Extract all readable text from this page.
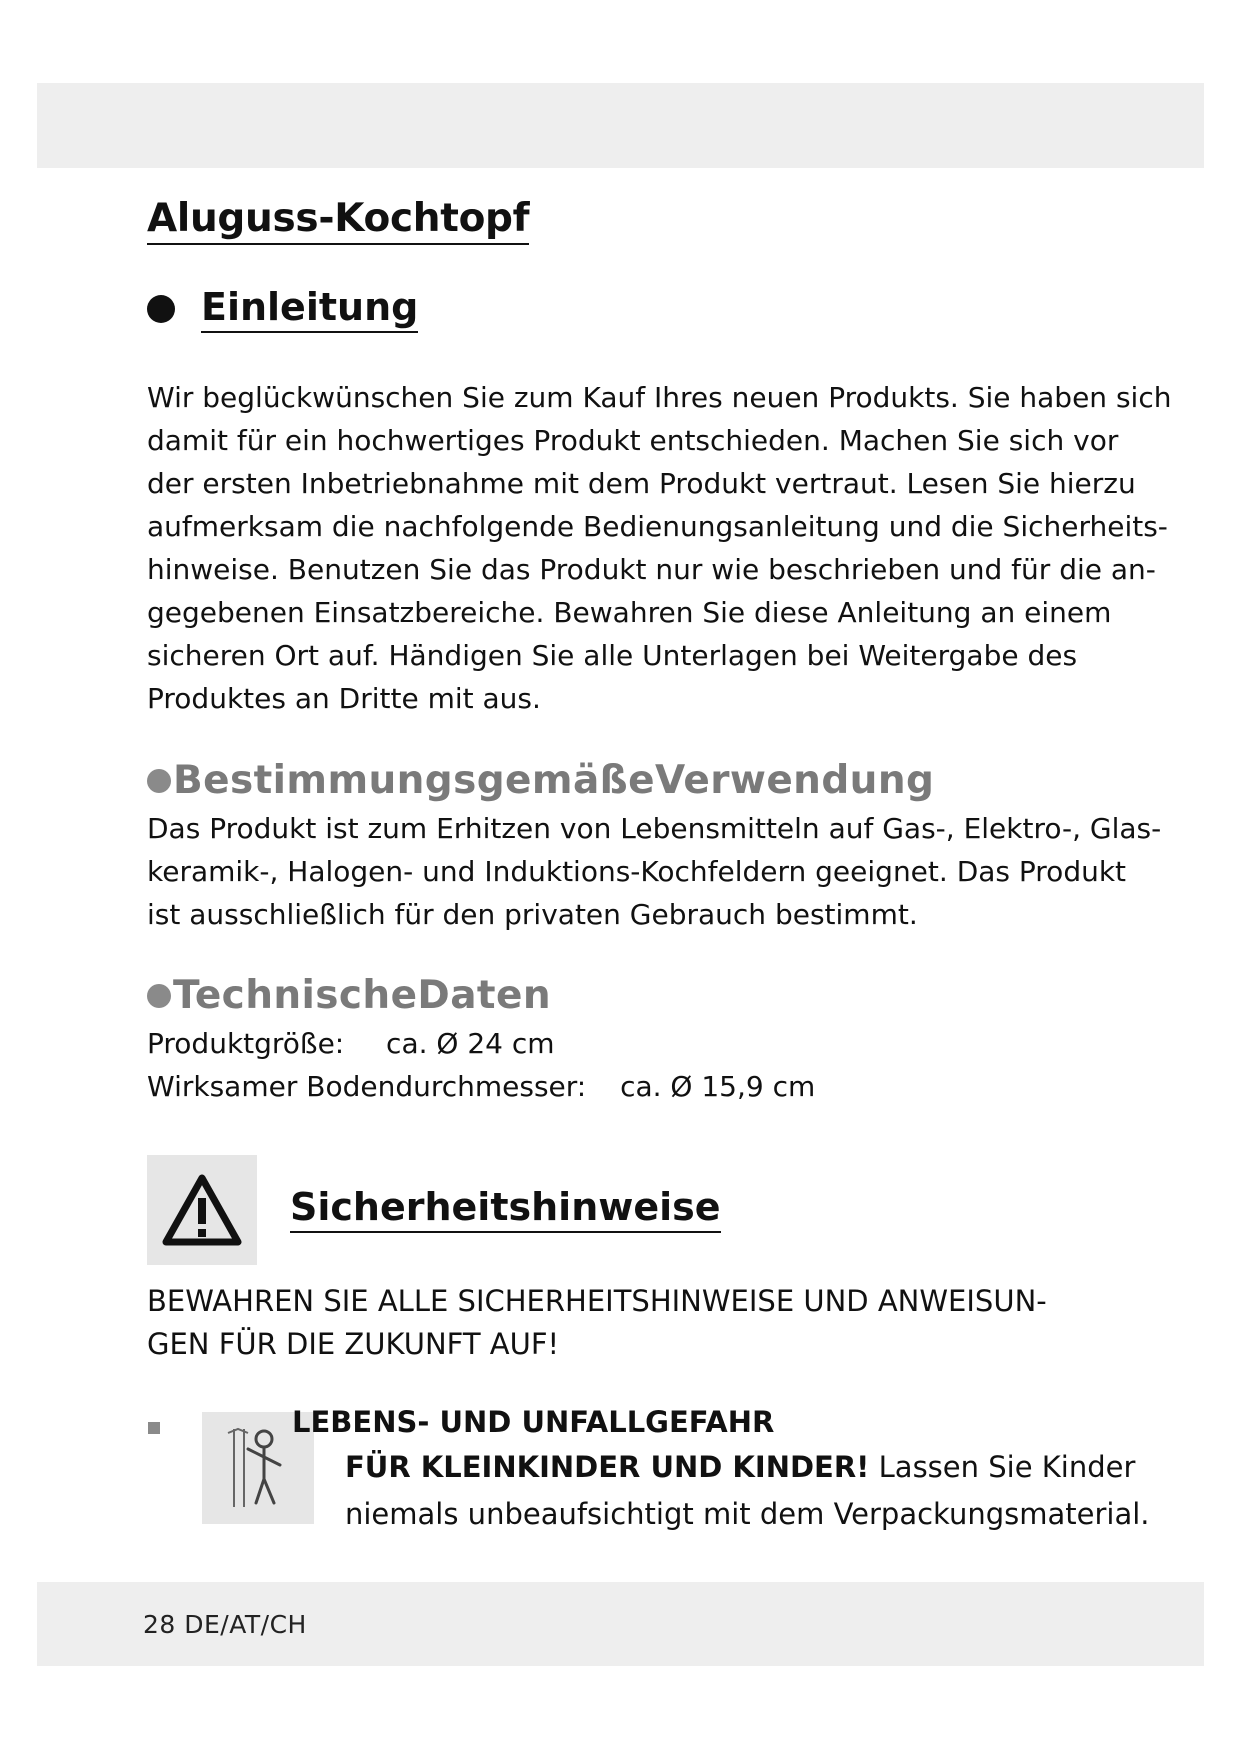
Aluguss-Kochtopf
Einleitung
Wir beglückwünschen Sie zum Kauf Ihres neuen Produkts. Sie haben sich
damit für ein hochwertiges Produkt entschieden. Machen Sie sich vor
der ersten Inbetriebnahme mit dem Produkt vertraut. Lesen Sie hierzu
aufmerksam die nachfolgende Bedienungsanleitung und die Sicherheits-
hinweise. Benutzen Sie das Produkt nur wie beschrieben und für die an-
gegebenen Einsatzbereiche. Bewahren Sie diese Anleitung an einem
sicheren Ort auf. Händigen Sie alle Unterlagen bei Weitergabe des
Produktes an Dritte mit aus.
BestimmungsgemäßeVerwendung
Das Produkt ist zum Erhitzen von Lebensmitteln auf Gas-, Elektro-, Glas-
keramik-, Halogen- und Induktions-Kochfeldern geeignet. Das Produkt
ist ausschließlich für den privaten Gebrauch bestimmt.
TechnischeDaten
Produktgröße: ca. Ø 24 cm
Wirksamer Bodendurchmesser: ca. Ø 15,9 cm
Sicherheitshinweise
BEWAHREN SIE ALLE SICHERHEITSHINWEISE UND ANWEISUN-
GEN FÜR DIE ZUKUNFT AUF!
LEBENS- UND UNFALLGEFAHR
FÜR KLEINKINDER UND KINDER! Lassen Sie Kinder
niemals unbeaufsichtigt mit dem Verpackungsmaterial.
28 DE/AT/CH
